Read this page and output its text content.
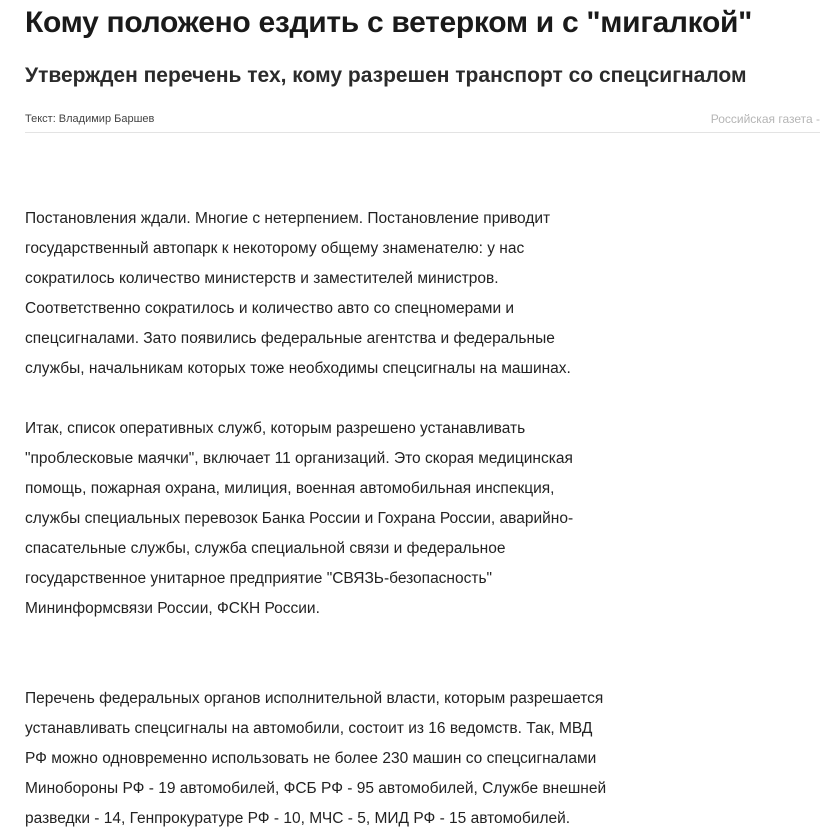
Кому положено ездить с ветерком и с "мигалкой"
Утвержден перечень тех, кому разрешен транспорт со спецсигналом
Текст: Владимир Баршев	Российская газета -

Постановления ждали. Многие с нетерпением. Постановление приводит
государственный автопарк к некоторому общему знаменателю: у нас
сократилось количество министерств и заместителей министров.
Соответственно сократилось и количество авто со спецномерами и
спецсигналами. Зато появились федеральные агентства и федеральные
службы, начальникам которых тоже необходимы спецсигналы на машинах.

Итак, список оперативных служб, которым разрешено устанавливать
"проблесковые маячки", включает 11 организаций. Это скорая медицинская
помощь, пожарная охрана, милиция, военная автомобильная инспекция,
службы специальных перевозок Банка России и Гохрана России, аварийно-
спасательные службы, служба специальной связи и федеральное
государственное унитарное предприятие "СВЯЗЬ-безопасность"
Мининформсвязи России, ФСКН России.

Перечень федеральных органов исполнительной власти, которым разрешается
устанавливать спецсигналы на автомобили, состоит из 16 ведомств. Так, МВД
РФ можно одновременно использовать не более 230 машин со спецсигналами
Минобороны РФ - 19 автомобилей, ФСБ РФ - 95 автомобилей, Службе внешней
разведки - 14, Генпрокуратуре РФ - 10, МЧС - 5, МИД РФ - 15 автомобилей.
